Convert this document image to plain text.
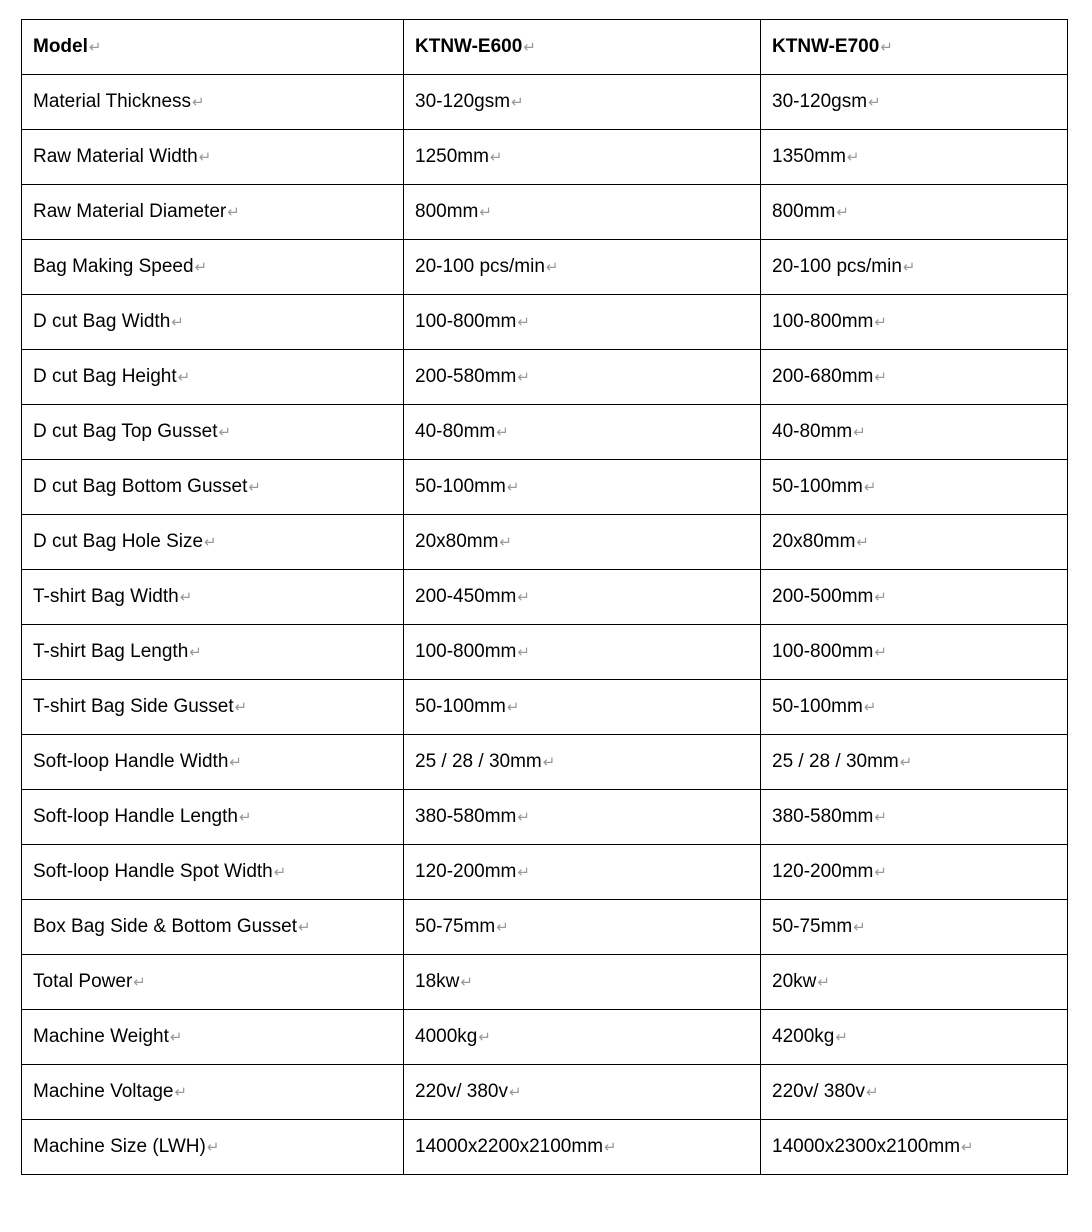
Model↵	KTNW-E600↵	KTNW-E700↵
Material Thickness↵	30-120gsm↵	30-120gsm↵
Raw Material Width↵	1250mm↵	1350mm↵
Raw Material Diameter↵	800mm↵	800mm↵
Bag Making Speed↵	20-100 pcs/min↵	20-100 pcs/min↵
D cut Bag Width↵	100-800mm↵	100-800mm↵
D cut Bag Height↵	200-580mm↵	200-680mm↵
D cut Bag Top Gusset↵	40-80mm↵	40-80mm↵
D cut Bag Bottom Gusset↵	50-100mm↵	50-100mm↵
D cut Bag Hole Size↵	20x80mm↵	20x80mm↵
T-shirt Bag Width↵	200-450mm↵	200-500mm↵
T-shirt Bag Length↵	100-800mm↵	100-800mm↵
T-shirt Bag Side Gusset↵	50-100mm↵	50-100mm↵
Soft-loop Handle Width↵	25 / 28 / 30mm↵	25 / 28 / 30mm↵
Soft-loop Handle Length↵	380-580mm↵	380-580mm↵
Soft-loop Handle Spot Width↵	120-200mm↵	120-200mm↵
Box Bag Side & Bottom Gusset↵	50-75mm↵	50-75mm↵
Total Power↵	18kw↵	20kw↵
Machine Weight↵	4000kg↵	4200kg↵
Machine Voltage↵	220v/ 380v↵	220v/ 380v↵
Machine Size (LWH)↵	14000x2200x2100mm↵	14000x2300x2100mm↵
